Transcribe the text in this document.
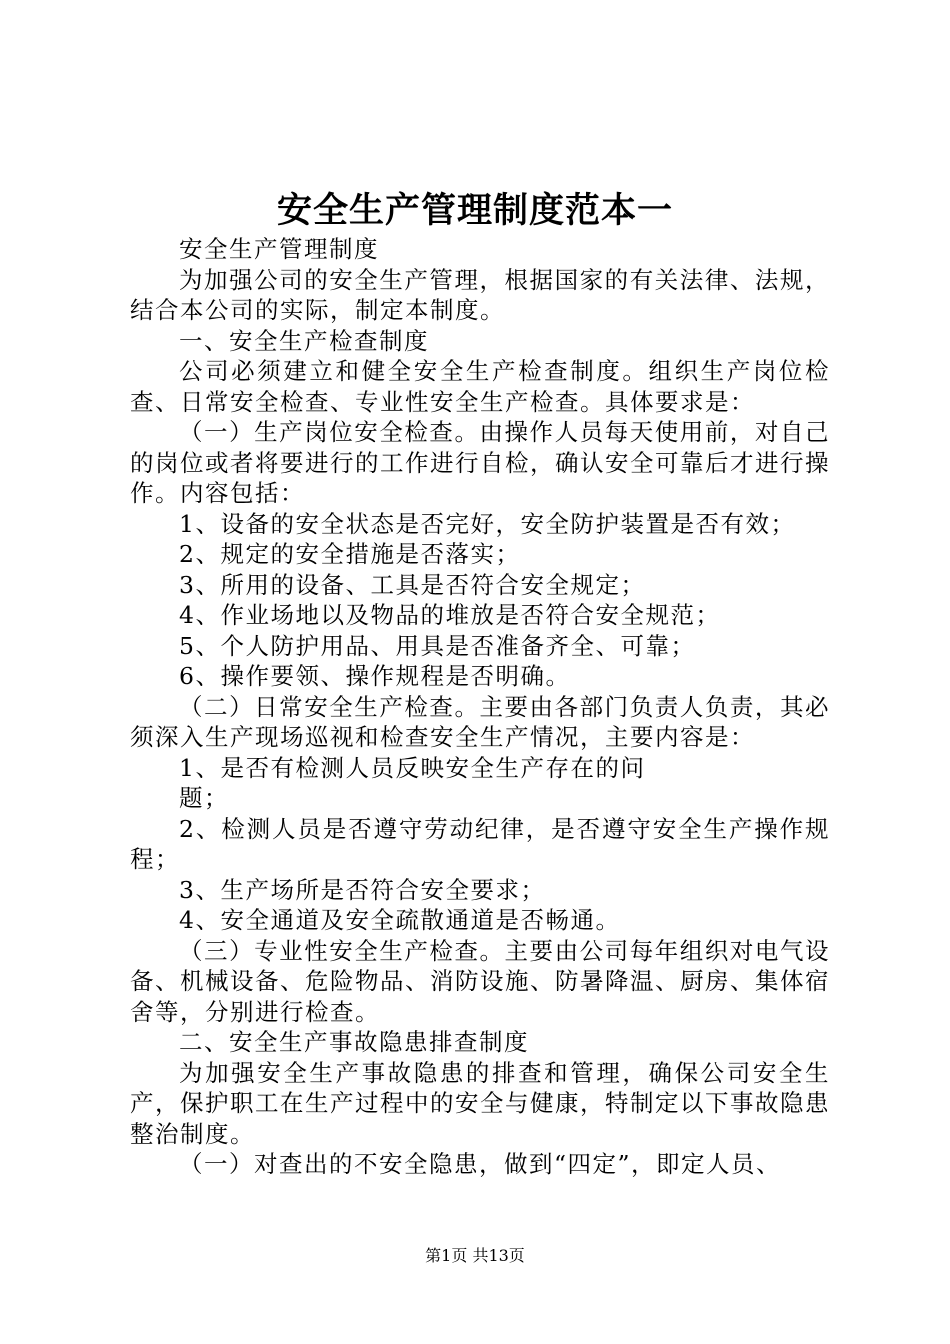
安全生产管理制度范本一

安全生产管理制度

为加强公司的安全生产管理，根据国家的有关法律、法规，结合本公司的实际，制定本制度。

一、安全生产检查制度

公司必须建立和健全安全生产检查制度。组织生产岗位检查、日常安全检查、专业性安全生产检查。具体要求是：

（一）生产岗位安全检查。由操作人员每天使用前，对自己的岗位或者将要进行的工作进行自检，确认安全可靠后才进行操作。内容包括：

1、设备的安全状态是否完好，安全防护装置是否有效；

2、规定的安全措施是否落实；

3、所用的设备、工具是否符合安全规定；

4、作业场地以及物品的堆放是否符合安全规范；

5、个人防护用品、用具是否准备齐全、可靠；

6、操作要领、操作规程是否明确。

（二）日常安全生产检查。主要由各部门负责人负责，其必须深入生产现场巡视和检查安全生产情况，主要内容是：

1、是否有检测人员反映安全生产存在的问

题；

2、检测人员是否遵守劳动纪律，是否遵守安全生产操作规程；

3、生产场所是否符合安全要求；

4、安全通道及安全疏散通道是否畅通。

（三）专业性安全生产检查。主要由公司每年组织对电气设备、机械设备、危险物品、消防设施、防暑降温、厨房、集体宿舍等，分别进行检查。

二、安全生产事故隐患排查制度

为加强安全生产事故隐患的排查和管理，确保公司安全生产，保护职工在生产过程中的安全与健康，特制定以下事故隐患整治制度。

（一）对查出的不安全隐患，做到“四定”，即定人员、

第1页 共13页
